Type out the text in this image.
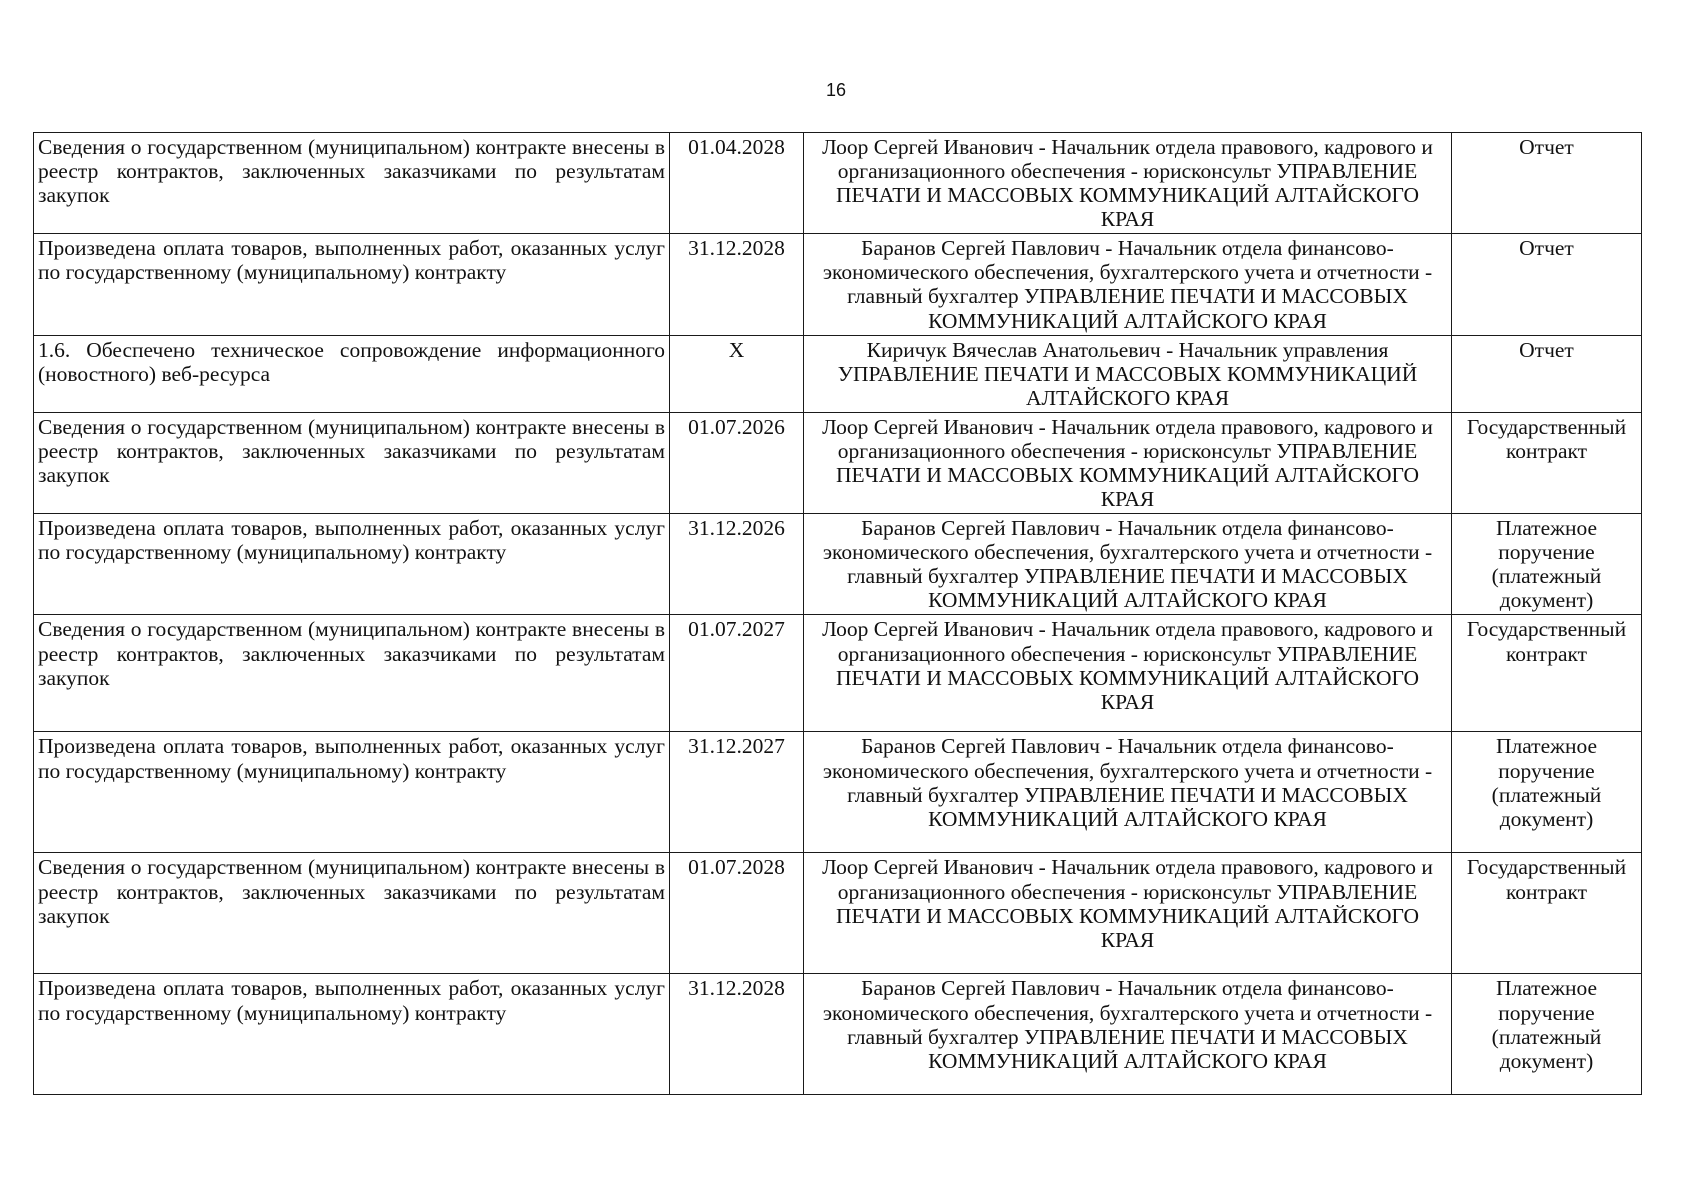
16
Сведения о государственном (муниципальном) контракте внесены в реестр контрактов, заключенных заказчиками по результатам закупок	01.04.2028	Лоор Сергей Иванович - Начальник отдела правового, кадрового и организационного обеспечения - юрисконсульт УПРАВЛЕНИЕ ПЕЧАТИ И МАССОВЫХ КОММУНИКАЦИЙ АЛТАЙСКОГО КРАЯ	Отчет
Произведена оплата товаров, выполненных работ, оказанных услуг по государственному (муниципальному) контракту	31.12.2028	Баранов Сергей Павлович - Начальник отдела финансово-экономического обеспечения, бухгалтерского учета и отчетности - главный бухгалтер УПРАВЛЕНИЕ ПЕЧАТИ И МАССОВЫХ КОММУНИКАЦИЙ АЛТАЙСКОГО КРАЯ	Отчет
1.6. Обеспечено техническое сопровождение информационного (новостного) веб-ресурса	X	Киричук Вячеслав Анатольевич - Начальник управления УПРАВЛЕНИЕ ПЕЧАТИ И МАССОВЫХ КОММУНИКАЦИЙ АЛТАЙСКОГО КРАЯ	Отчет
Сведения о государственном (муниципальном) контракте внесены в реестр контрактов, заключенных заказчиками по результатам закупок	01.07.2026	Лоор Сергей Иванович - Начальник отдела правового, кадрового и организационного обеспечения - юрисконсульт УПРАВЛЕНИЕ ПЕЧАТИ И МАССОВЫХ КОММУНИКАЦИЙ АЛТАЙСКОГО КРАЯ	Государственный контракт
Произведена оплата товаров, выполненных работ, оказанных услуг по государственному (муниципальному) контракту	31.12.2026	Баранов Сергей Павлович - Начальник отдела финансово-экономического обеспечения, бухгалтерского учета и отчетности - главный бухгалтер УПРАВЛЕНИЕ ПЕЧАТИ И МАССОВЫХ КОММУНИКАЦИЙ АЛТАЙСКОГО КРАЯ	Платежное поручение (платежный документ)
Сведения о государственном (муниципальном) контракте внесены в реестр контрактов, заключенных заказчиками по результатам закупок	01.07.2027	Лоор Сергей Иванович - Начальник отдела правового, кадрового и организационного обеспечения - юрисконсульт УПРАВЛЕНИЕ ПЕЧАТИ И МАССОВЫХ КОММУНИКАЦИЙ АЛТАЙСКОГО КРАЯ	Государственный контракт
Произведена оплата товаров, выполненных работ, оказанных услуг по государственному (муниципальному) контракту	31.12.2027	Баранов Сергей Павлович - Начальник отдела финансово-экономического обеспечения, бухгалтерского учета и отчетности - главный бухгалтер УПРАВЛЕНИЕ ПЕЧАТИ И МАССОВЫХ КОММУНИКАЦИЙ АЛТАЙСКОГО КРАЯ	Платежное поручение (платежный документ)
Сведения о государственном (муниципальном) контракте внесены в реестр контрактов, заключенных заказчиками по результатам закупок	01.07.2028	Лоор Сергей Иванович - Начальник отдела правового, кадрового и организационного обеспечения - юрисконсульт УПРАВЛЕНИЕ ПЕЧАТИ И МАССОВЫХ КОММУНИКАЦИЙ АЛТАЙСКОГО КРАЯ	Государственный контракт
Произведена оплата товаров, выполненных работ, оказанных услуг по государственному (муниципальному) контракту	31.12.2028	Баранов Сергей Павлович - Начальник отдела финансово-экономического обеспечения, бухгалтерского учета и отчетности - главный бухгалтер УПРАВЛЕНИЕ ПЕЧАТИ И МАССОВЫХ КОММУНИКАЦИЙ АЛТАЙСКОГО КРАЯ	Платежное поручение (платежный документ)
